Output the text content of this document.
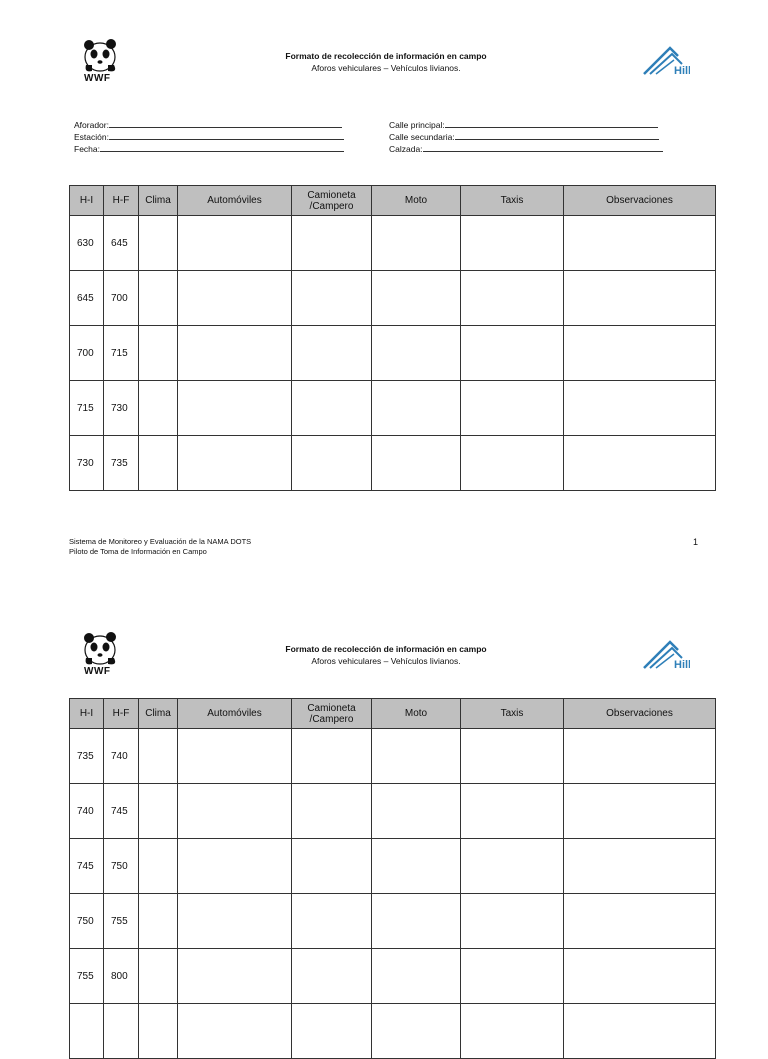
WWF
Formato de recolección de información en campo
Aforos vehiculares – Vehículos livianos.	Hill
Aforador:
Estación:
Fecha:
Calle principal:
Calle secundaria:
Calzada:
H-I	H-F	Clima	Automóviles	Camioneta /Campero	Moto	Taxis	Observaciones
630	645						
645	700						
700	715						
715	730						
730	735						
Sistema de Monitoreo y Evaluación de la NAMA DOTS
Piloto de Toma de Información en Campo
1
WWF
Formato de recolección de información en campo
Aforos vehiculares – Vehículos livianos.	Hill
H-I	H-F	Clima	Automóviles	Camioneta /Campero	Moto	Taxis	Observaciones
735	740						
740	745						
745	750						
750	755						
755	800						
